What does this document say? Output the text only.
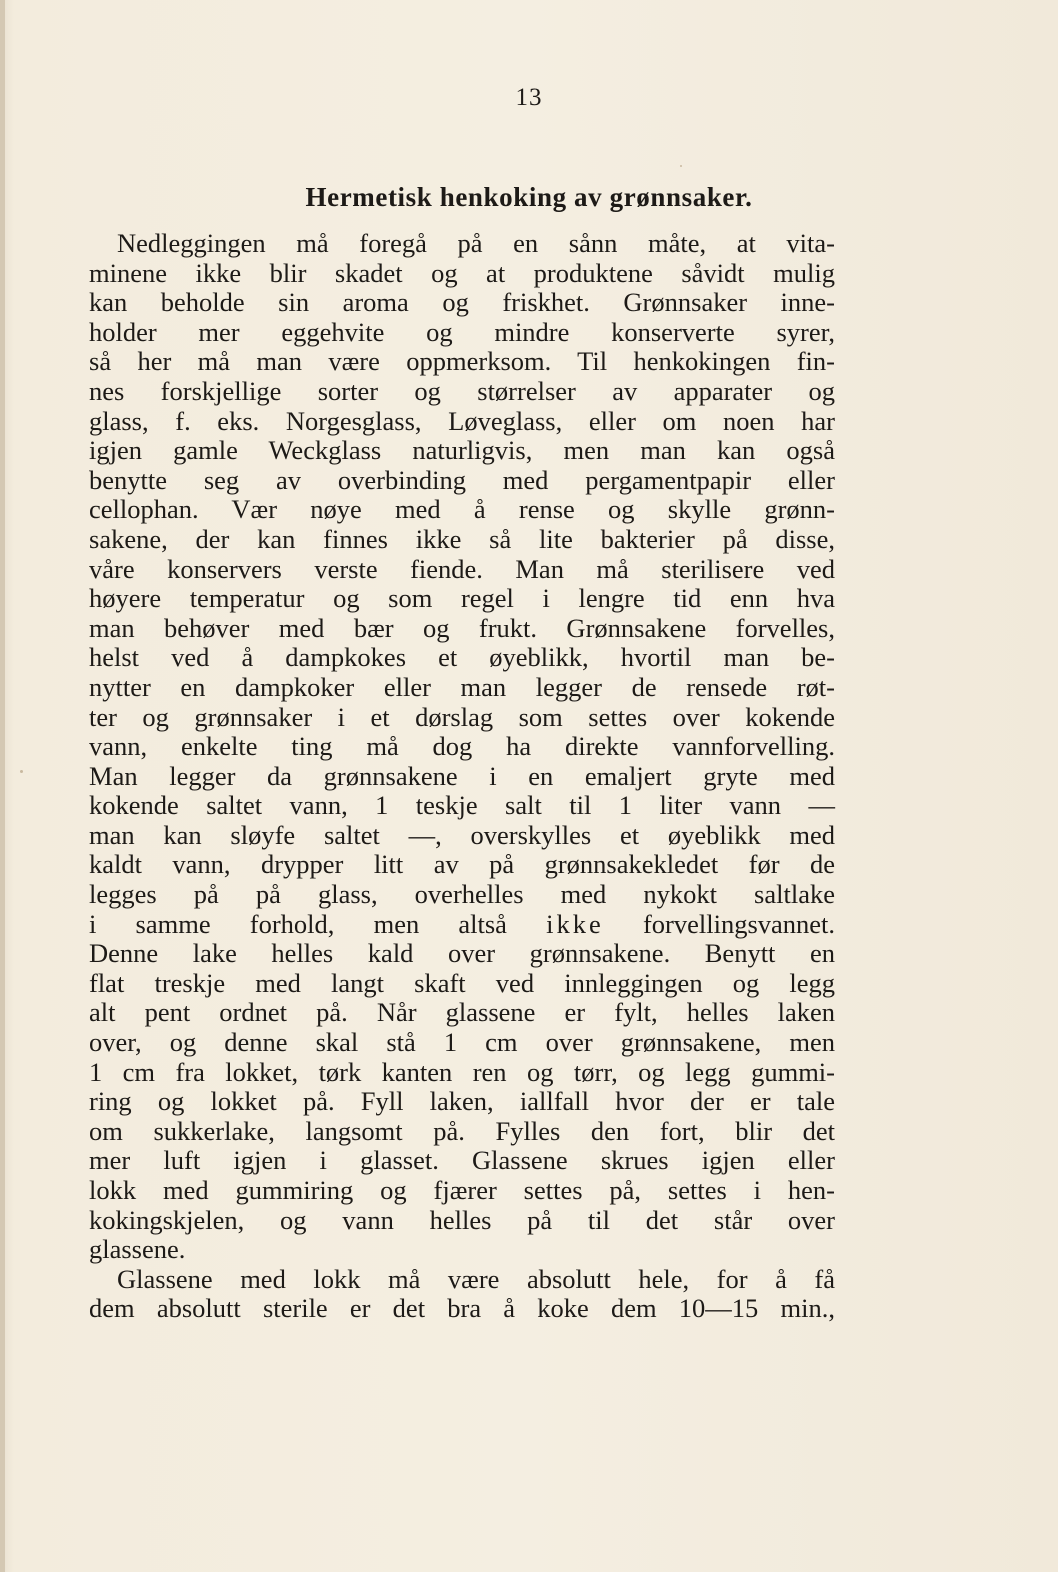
13
Hermetisk henkoking av grønnsaker.
Nedleggingen må foregå på en sånn måte, at vita-
minene ikke blir skadet og at produktene såvidt mulig
kan beholde sin aroma og friskhet. Grønnsaker inne-
holder mer eggehvite og mindre konserverte syrer,
så her må man være oppmerksom. Til henkokingen fin-
nes forskjellige sorter og størrelser av apparater og
glass, f. eks. Norgesglass, Løveglass, eller om noen har
igjen gamle Weckglass naturligvis, men man kan også
benytte seg av overbinding med pergamentpapir eller
cellophan. Vær nøye med å rense og skylle grønn-
sakene, der kan finnes ikke så lite bakterier på disse,
våre konservers verste fiende. Man må sterilisere ved
høyere temperatur og som regel i lengre tid enn hva
man behøver med bær og frukt. Grønnsakene forvelles,
helst ved å dampkokes et øyeblikk, hvortil man be-
nytter en dampkoker eller man legger de rensede røt-
ter og grønnsaker i et dørslag som settes over kokende
vann, enkelte ting må dog ha direkte vannforvelling.
Man legger da grønnsakene i en emaljert gryte med
kokende saltet vann, 1 teskje salt til 1 liter vann —
man kan sløyfe saltet —, overskylles et øyeblikk med
kaldt vann, drypper litt av på grønnsakekledet før de
legges på på glass, overhelles med nykokt saltlake
i samme forhold, men altså ikke forvellingsvannet.
Denne lake helles kald over grønnsakene. Benytt en
flat treskje med langt skaft ved innleggingen og legg
alt pent ordnet på. Når glassene er fylt, helles laken
over, og denne skal stå 1 cm over grønnsakene, men
1 cm fra lokket, tørk kanten ren og tørr, og legg gummi-
ring og lokket på. Fyll laken, iallfall hvor der er tale
om sukkerlake, langsomt på. Fylles den fort, blir det
mer luft igjen i glasset. Glassene skrues igjen eller
lokk med gummiring og fjærer settes på, settes i hen-
kokingskjelen, og vann helles på til det står over
glassene.
Glassene med lokk må være absolutt hele, for å få
dem absolutt sterile er det bra å koke dem 10—15 min.,
